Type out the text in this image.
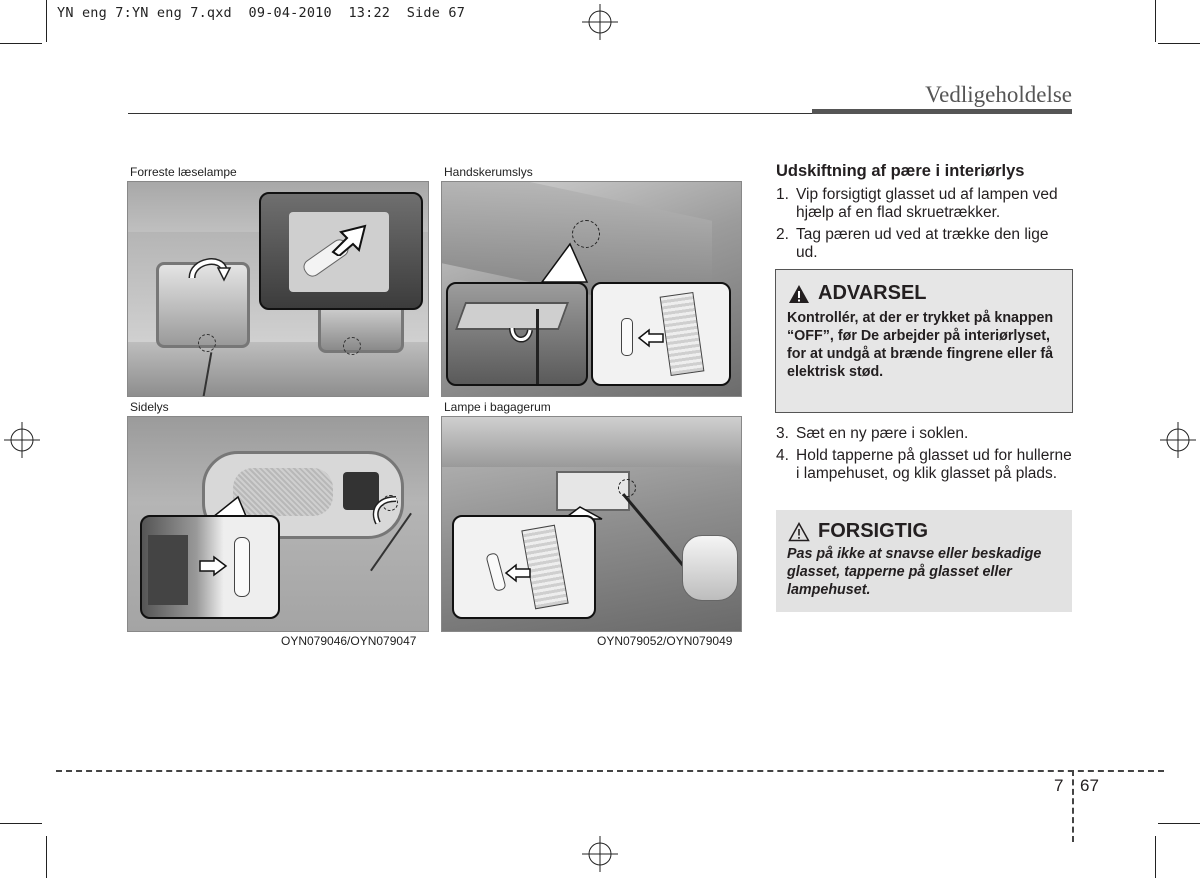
YN eng 7:YN eng 7.qxd  09-04-2010  13:22  Side 67
Vedligeholdelse
Forreste læselampe	Handskerumslys
Sidelys	Lampe i bagagerum
OYN079046/OYN079047	OYN079052/OYN079049
Udskiftning af pære i interiørlys
1. Vip forsigtigt glasset ud af lampen ved hjælp af en flad skruetrækker.
2. Tag pæren ud ved at trække den lige ud.
ADVARSEL
Kontrollér, at der er trykket på knappen “OFF”, før De arbejder på interiørlyset, for at undgå at brænde fingrene eller få elektrisk stød.
3. Sæt en ny pære i soklen.
4. Hold tapperne på glasset ud for hullerne i lampehuset, og klik glasset på plads.
FORSIGTIG
Pas på ikke at snavse eller beskadige glasset, tapperne på glasset eller lampehuset.
7 67
